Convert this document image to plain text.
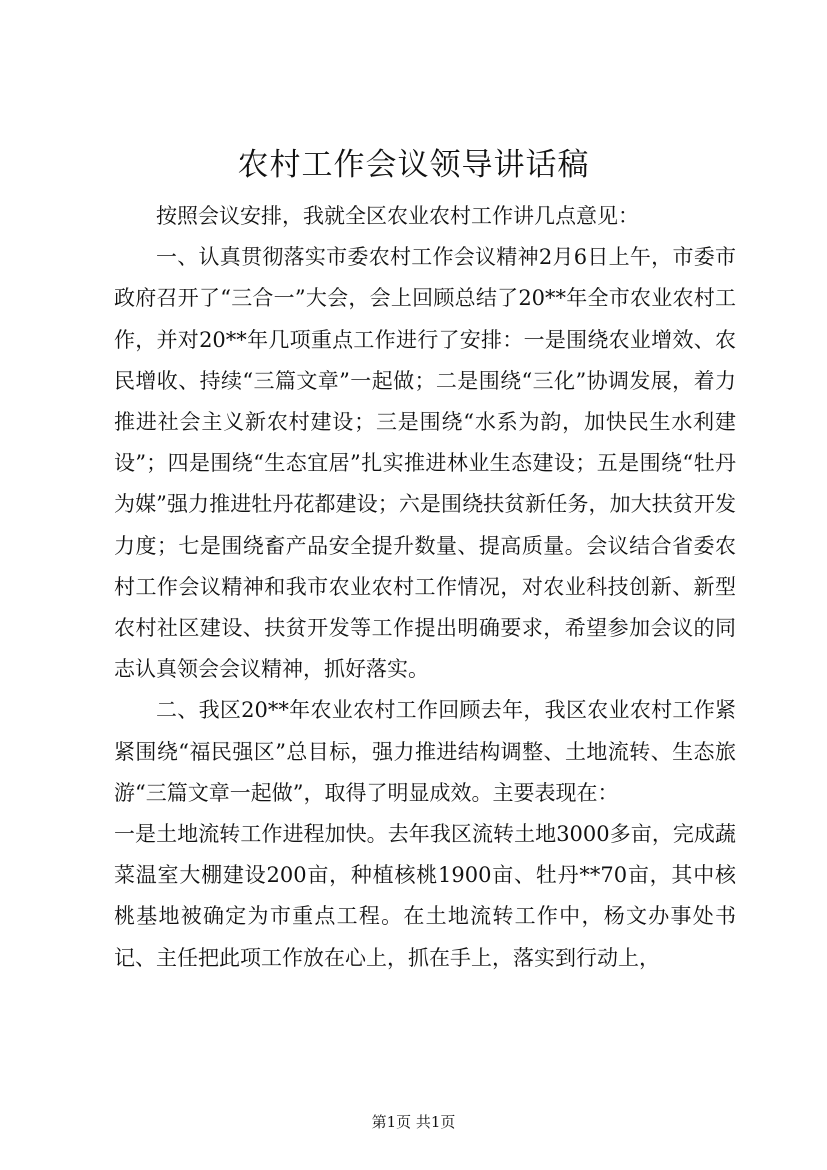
农村工作会议领导讲话稿

按照会议安排，我就全区农业农村工作讲几点意见：

一、认真贯彻落实市委农村工作会议精神2月6日上午，市委市政府召开了“三合一”大会，会上回顾总结了20**年全市农业农村工作，并对20**年几项重点工作进行了安排：一是围绕农业增效、农民增收、持续“三篇文章”一起做；二是围绕“三化”协调发展，着力推进社会主义新农村建设；三是围绕“水系为韵，加快民生水利建设”；四是围绕“生态宜居”扎实推进林业生态建设；五是围绕“牡丹为媒”强力推进牡丹花都建设；六是围绕扶贫新任务，加大扶贫开发力度；七是围绕畜产品安全提升数量、提高质量。会议结合省委农村工作会议精神和我市农业农村工作情况，对农业科技创新、新型农村社区建设、扶贫开发等工作提出明确要求，希望参加会议的同志认真领会会议精神，抓好落实。

二、我区20**年农业农村工作回顾去年，我区农业农村工作紧紧围绕“福民强区”总目标，强力推进结构调整、土地流转、生态旅游“三篇文章一起做”，取得了明显成效。主要表现在：

一是土地流转工作进程加快。去年我区流转土地3000多亩，完成蔬菜温室大棚建设200亩，种植核桃1900亩、牡丹**70亩，其中核桃基地被确定为市重点工程。在土地流转工作中，杨文办事处书记、主任把此项工作放在心上，抓在手上，落实到行动上，

第1页 共1页
